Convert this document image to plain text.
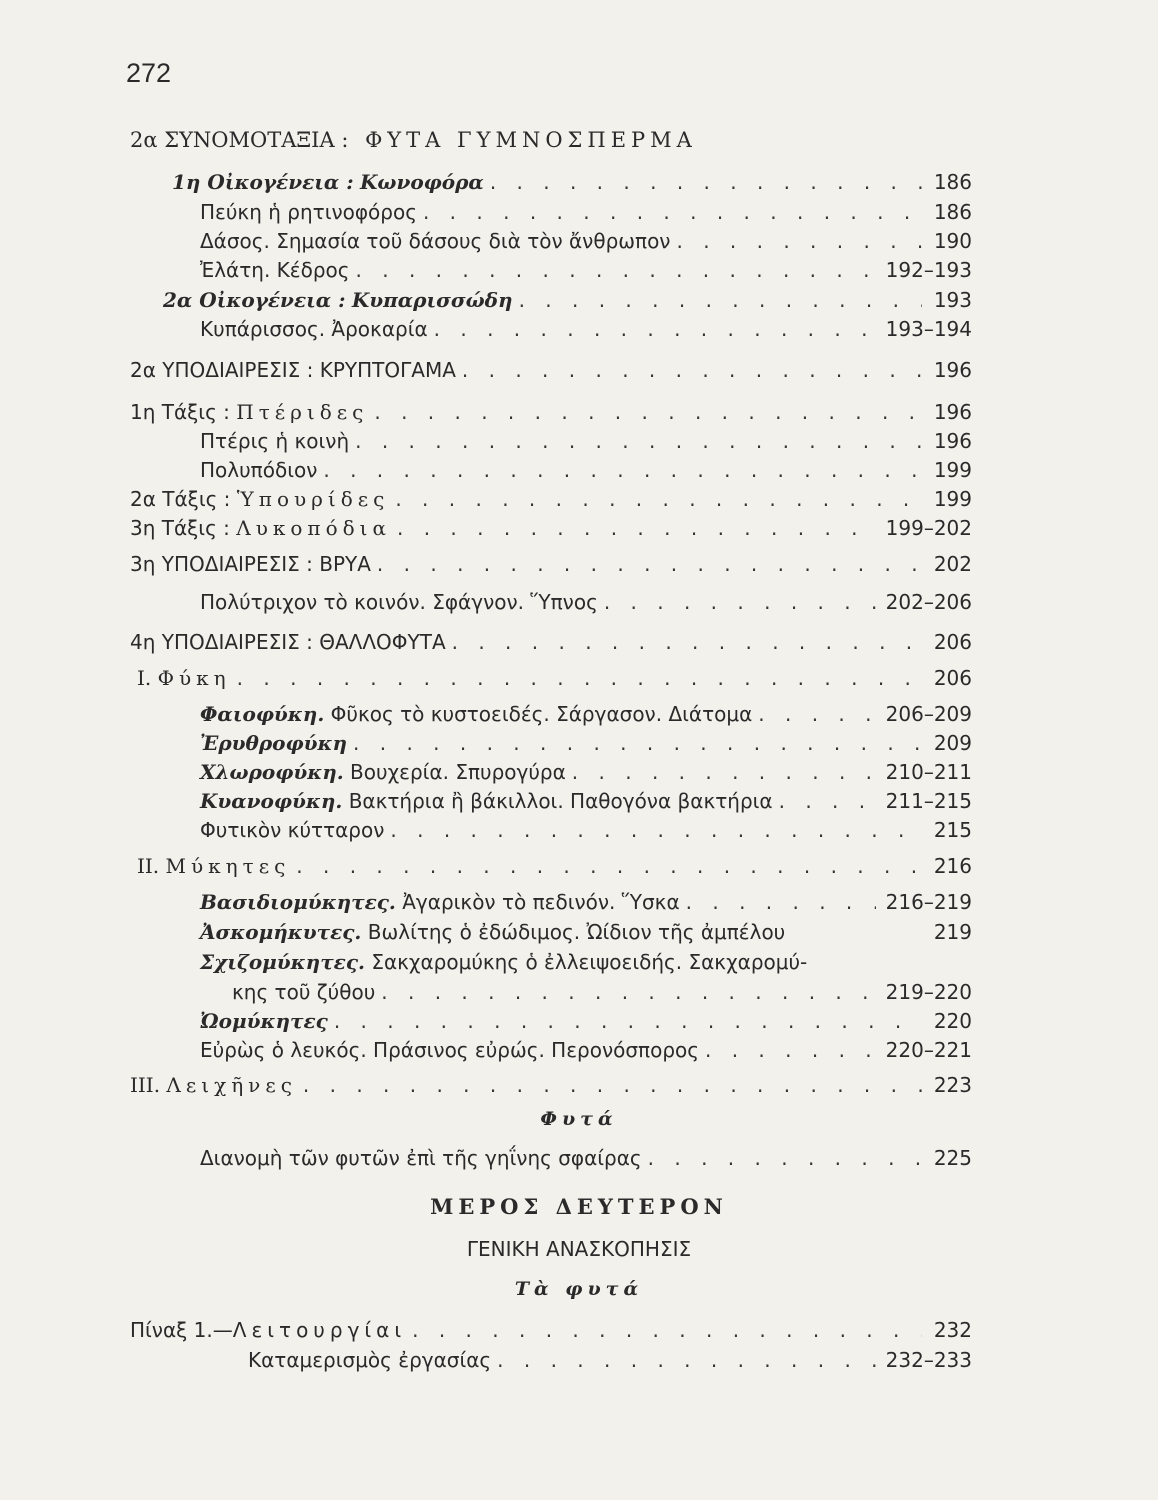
272
2α ΣΥΝΟΜΟΤΑΞΙΑ : ΦΥΤΑ ΓΥΜΝΟΣΠΕΡΜΑ
1η Οἰκογένεια : Κωνοφόρα . . .	186
Πεύκη ἡ ρητινοφόρος . . .	186
Δάσος. Σημασία τοῦ δάσους διὰ τὸν ἄνθρωπον . . .	190
Ἐλάτη. Κέδρος . . .	192–193
2α Οἰκογένεια : Κυπαρισσώδη . . .	193
Κυπάρισσος. Ἀροκαρία . . .	193–194
2α ΥΠΟΔΙΑΙΡΕΣΙΣ : ΚΡΥΠΤΟΓΑΜΑ . . .	196
1η Τάξις : Πτέριδες . . .	196
Πτέρις ἡ κοινὴ . . .	196
Πολυπόδιον . . .	199
2α Τάξις : Ὑπουρίδες . . .	199
3η Τάξις : Λυκοπόδια . . .	199–202
3η ΥΠΟΔΙΑΙΡΕΣΙΣ : ΒΡΥΑ . . .	202
Πολύτριχον τὸ κοινόν. Σφάγνον. Ὕπνος . . .	202–206
4η ΥΠΟΔΙΑΙΡΕΣΙΣ : ΘΑΛΛΟΦΥΤΑ . . .	206
I. Φύκη . . .	206
Φαιοφύκη. Φῦκος τὸ κυστοειδές. Σάργασον. Διάτομα . . .	206–209
Ἐρυθροφύκη . . .	209
Χλωροφύκη. Βουχερία. Σπυρογύρα . . .	210–211
Κυανοφύκη. Βακτήρια ἢ βάκιλλοι. Παθογόνα βακτήρια . . .	211–215
Φυτικὸν κύτταρον . . .	215
II. Μύκητες . . .	216
Βασιδιομύκητες. Ἀγαρικὸν τὸ πεδινόν. Ὕσκα . . .	216–219
Ἀσκομήκυτες. Βωλίτης ὁ ἐδώδιμος. Ὠίδιον τῆς ἀμπέλου	219
Σχιζομύκητες. Σακχαρομύκης ὁ ἐλλειψοειδής. Σακχαρομύ-
κης τοῦ ζύθου . . .	219–220
Ὠομύκητες . . .	220
Εὐρὼς ὁ λευκός. Πράσινος εὐρώς. Περονόσπορος . . .	220–221
III. Λειχῆνες . . .	223
Φυτά
Διανομὴ τῶν φυτῶν ἐπὶ τῆς γηΐνης σφαίρας . . .	225
ΜΕΡΟΣ ΔΕΥΤΕΡΟΝ
ΓΕΝΙΚΗ ΑΝΑΣΚΟΠΗΣΙΣ
Τὰ φυτά
Πίναξ 1.—Λειτουργίαι . . .	232
Καταμερισμὸς ἐργασίας . . .	232–233
